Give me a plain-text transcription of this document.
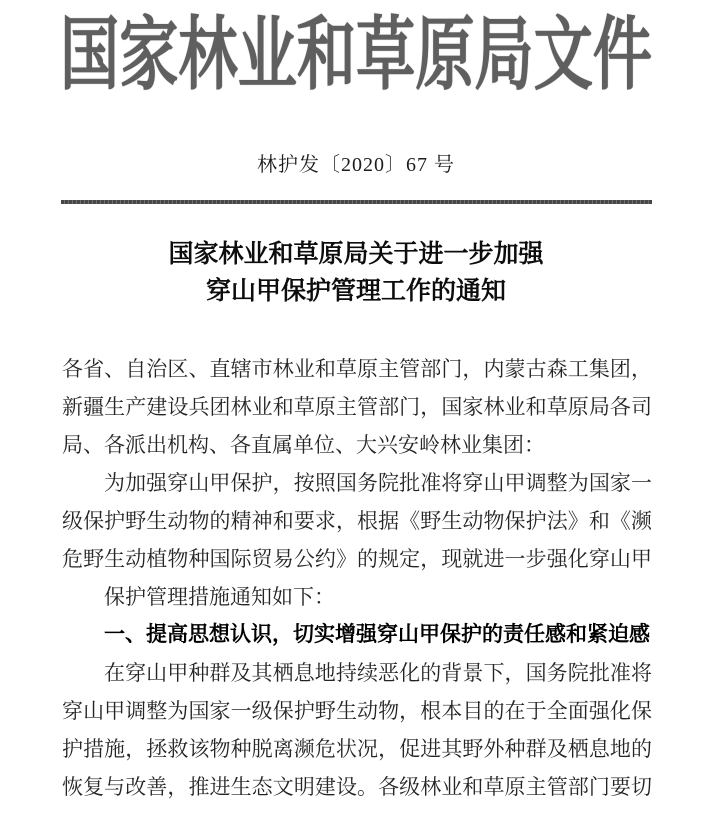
国家林业和草原局文件
林护发〔2020〕67 号
国家林业和草原局关于进一步加强
穿山甲保护管理工作的通知
各省、自治区、直辖市林业和草原主管部门，内蒙古森工集团，
新疆生产建设兵团林业和草原主管部门，国家林业和草原局各司
局、各派出机构、各直属单位、大兴安岭林业集团：
为加强穿山甲保护，按照国务院批准将穿山甲调整为国家一
级保护野生动物的精神和要求，根据《野生动物保护法》和《濒
危野生动植物种国际贸易公约》的规定，现就进一步强化穿山甲
保护管理措施通知如下：
一、提高思想认识，切实增强穿山甲保护的责任感和紧迫感
在穿山甲种群及其栖息地持续恶化的背景下，国务院批准将
穿山甲调整为国家一级保护野生动物，根本目的在于全面强化保
护措施，拯救该物种脱离濒危状况，促进其野外种群及栖息地的
恢复与改善，推进生态文明建设。各级林业和草原主管部门要切
